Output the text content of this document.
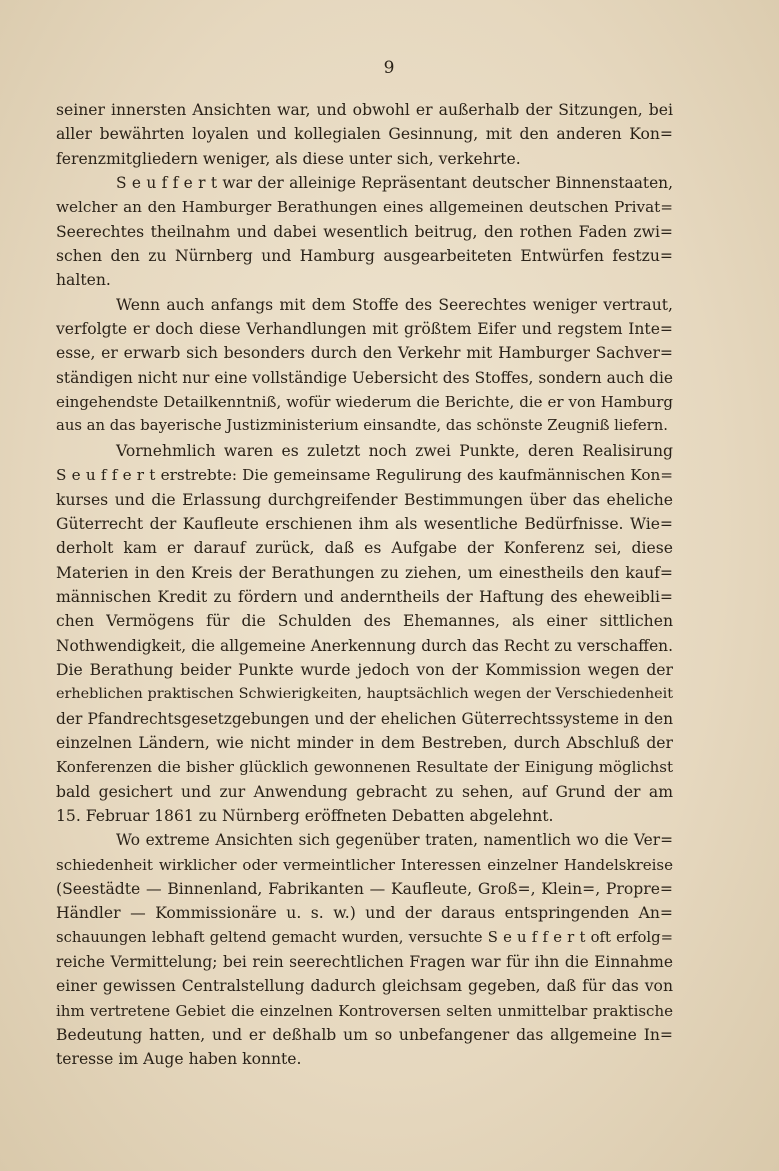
9
seiner innersten Ansichten war, und obwohl er außerhalb der Sitzungen, bei
aller bewährten loyalen und kollegialen Gesinnung, mit den anderen Kon=
ferenzmitgliedern weniger, als diese unter sich, verkehrte.
S e u f f e r t war der alleinige Repräsentant deutscher Binnenstaaten,
welcher an den Hamburger Berathungen eines allgemeinen deutschen Privat=
Seerechtes theilnahm und dabei wesentlich beitrug, den rothen Faden zwi=
schen den zu Nürnberg und Hamburg ausgearbeiteten Entwürfen festzu=
halten.
Wenn auch anfangs mit dem Stoffe des Seerechtes weniger vertraut,
verfolgte er doch diese Verhandlungen mit größtem Eifer und regstem Inte=
esse, er erwarb sich besonders durch den Verkehr mit Hamburger Sachver=
ständigen nicht nur eine vollständige Uebersicht des Stoffes, sondern auch die
eingehendste Detailkenntniß, wofür wiederum die Berichte, die er von Hamburg
aus an das bayerische Justizministerium einsandte, das schönste Zeugniß liefern.
Vornehmlich waren es zuletzt noch zwei Punkte, deren Realisirung
S e u f f e r t erstrebte: Die gemeinsame Regulirung des kaufmännischen Kon=
kurses und die Erlassung durchgreifender Bestimmungen über das eheliche
Güterrecht der Kaufleute erschienen ihm als wesentliche Bedürfnisse. Wie=
derholt kam er darauf zurück, daß es Aufgabe der Konferenz sei, diese
Materien in den Kreis der Berathungen zu ziehen, um einestheils den kauf=
männischen Kredit zu fördern und anderntheils der Haftung des eheweibli=
chen Vermögens für die Schulden des Ehemannes, als einer sittlichen
Nothwendigkeit, die allgemeine Anerkennung durch das Recht zu verschaffen.
Die Berathung beider Punkte wurde jedoch von der Kommission wegen der
erheblichen praktischen Schwierigkeiten, hauptsächlich wegen der Verschiedenheit
der Pfandrechtsgesetzgebungen und der ehelichen Güterrechtssysteme in den
einzelnen Ländern, wie nicht minder in dem Bestreben, durch Abschluß der
Konferenzen die bisher glücklich gewonnenen Resultate der Einigung möglichst
bald gesichert und zur Anwendung gebracht zu sehen, auf Grund der am
15. Februar 1861 zu Nürnberg eröffneten Debatten abgelehnt.
Wo extreme Ansichten sich gegenüber traten, namentlich wo die Ver=
schiedenheit wirklicher oder vermeintlicher Interessen einzelner Handelskreise
(Seestädte — Binnenland, Fabrikanten — Kaufleute, Groß=, Klein=, Propre=
Händler — Kommissionäre u. s. w.) und der daraus entspringenden An=
schauungen lebhaft geltend gemacht wurden, versuchte S e u f f e r t oft erfolg=
reiche Vermittelung; bei rein seerechtlichen Fragen war für ihn die Einnahme
einer gewissen Centralstellung dadurch gleichsam gegeben, daß für das von
ihm vertretene Gebiet die einzelnen Kontroversen selten unmittelbar praktische
Bedeutung hatten, und er deßhalb um so unbefangener das allgemeine In=
teresse im Auge haben konnte.
